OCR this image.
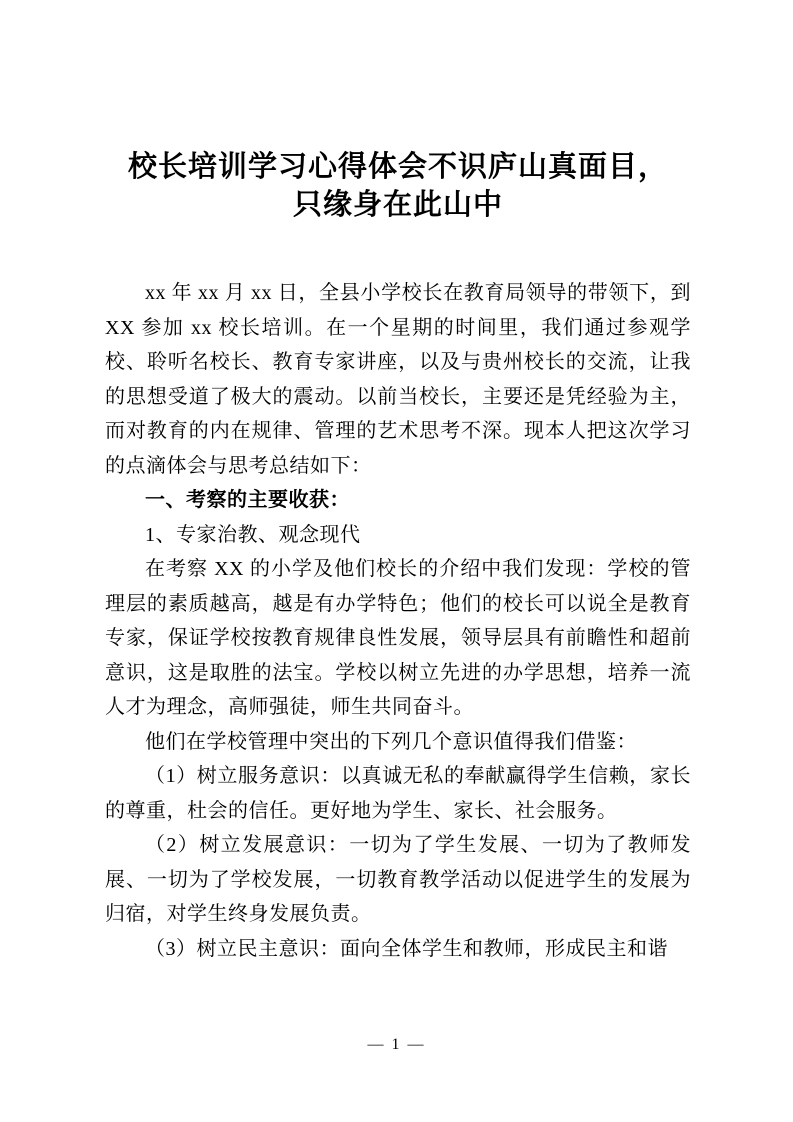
校长培训学习心得体会不识庐山真面目，
只缘身在此山中

xx 年 xx 月 xx 日，全县小学校长在教育局领导的带领下，到 XX 参加 xx 校长培训。在一个星期的时间里，我们通过参观学校、聆听名校长、教育专家讲座，以及与贵州校长的交流，让我的思想受道了极大的震动。以前当校长，主要还是凭经验为主，而对教育的内在规律、管理的艺术思考不深。现本人把这次学习的点滴体会与思考总结如下：

一、考察的主要收获：

1、专家治教、观念现代

在考察 XX 的小学及他们校长的介绍中我们发现：学校的管理层的素质越高，越是有办学特色；他们的校长可以说全是教育专家，保证学校按教育规律良性发展，领导层具有前瞻性和超前意识，这是取胜的法宝。学校以树立先进的办学思想，培养一流人才为理念，高师强徒，师生共同奋斗。

他们在学校管理中突出的下列几个意识值得我们借鉴：

（1）树立服务意识：以真诚无私的奉献赢得学生信赖，家长的尊重，杜会的信任。更好地为学生、家长、社会服务。

（2）树立发展意识：一切为了学生发展、一切为了教师发展、一切为了学校发展，一切教育教学活动以促进学生的发展为归宿，对学生终身发展负责。

（3）树立民主意识：面向全体学生和教师，形成民主和谐

— 1 —
